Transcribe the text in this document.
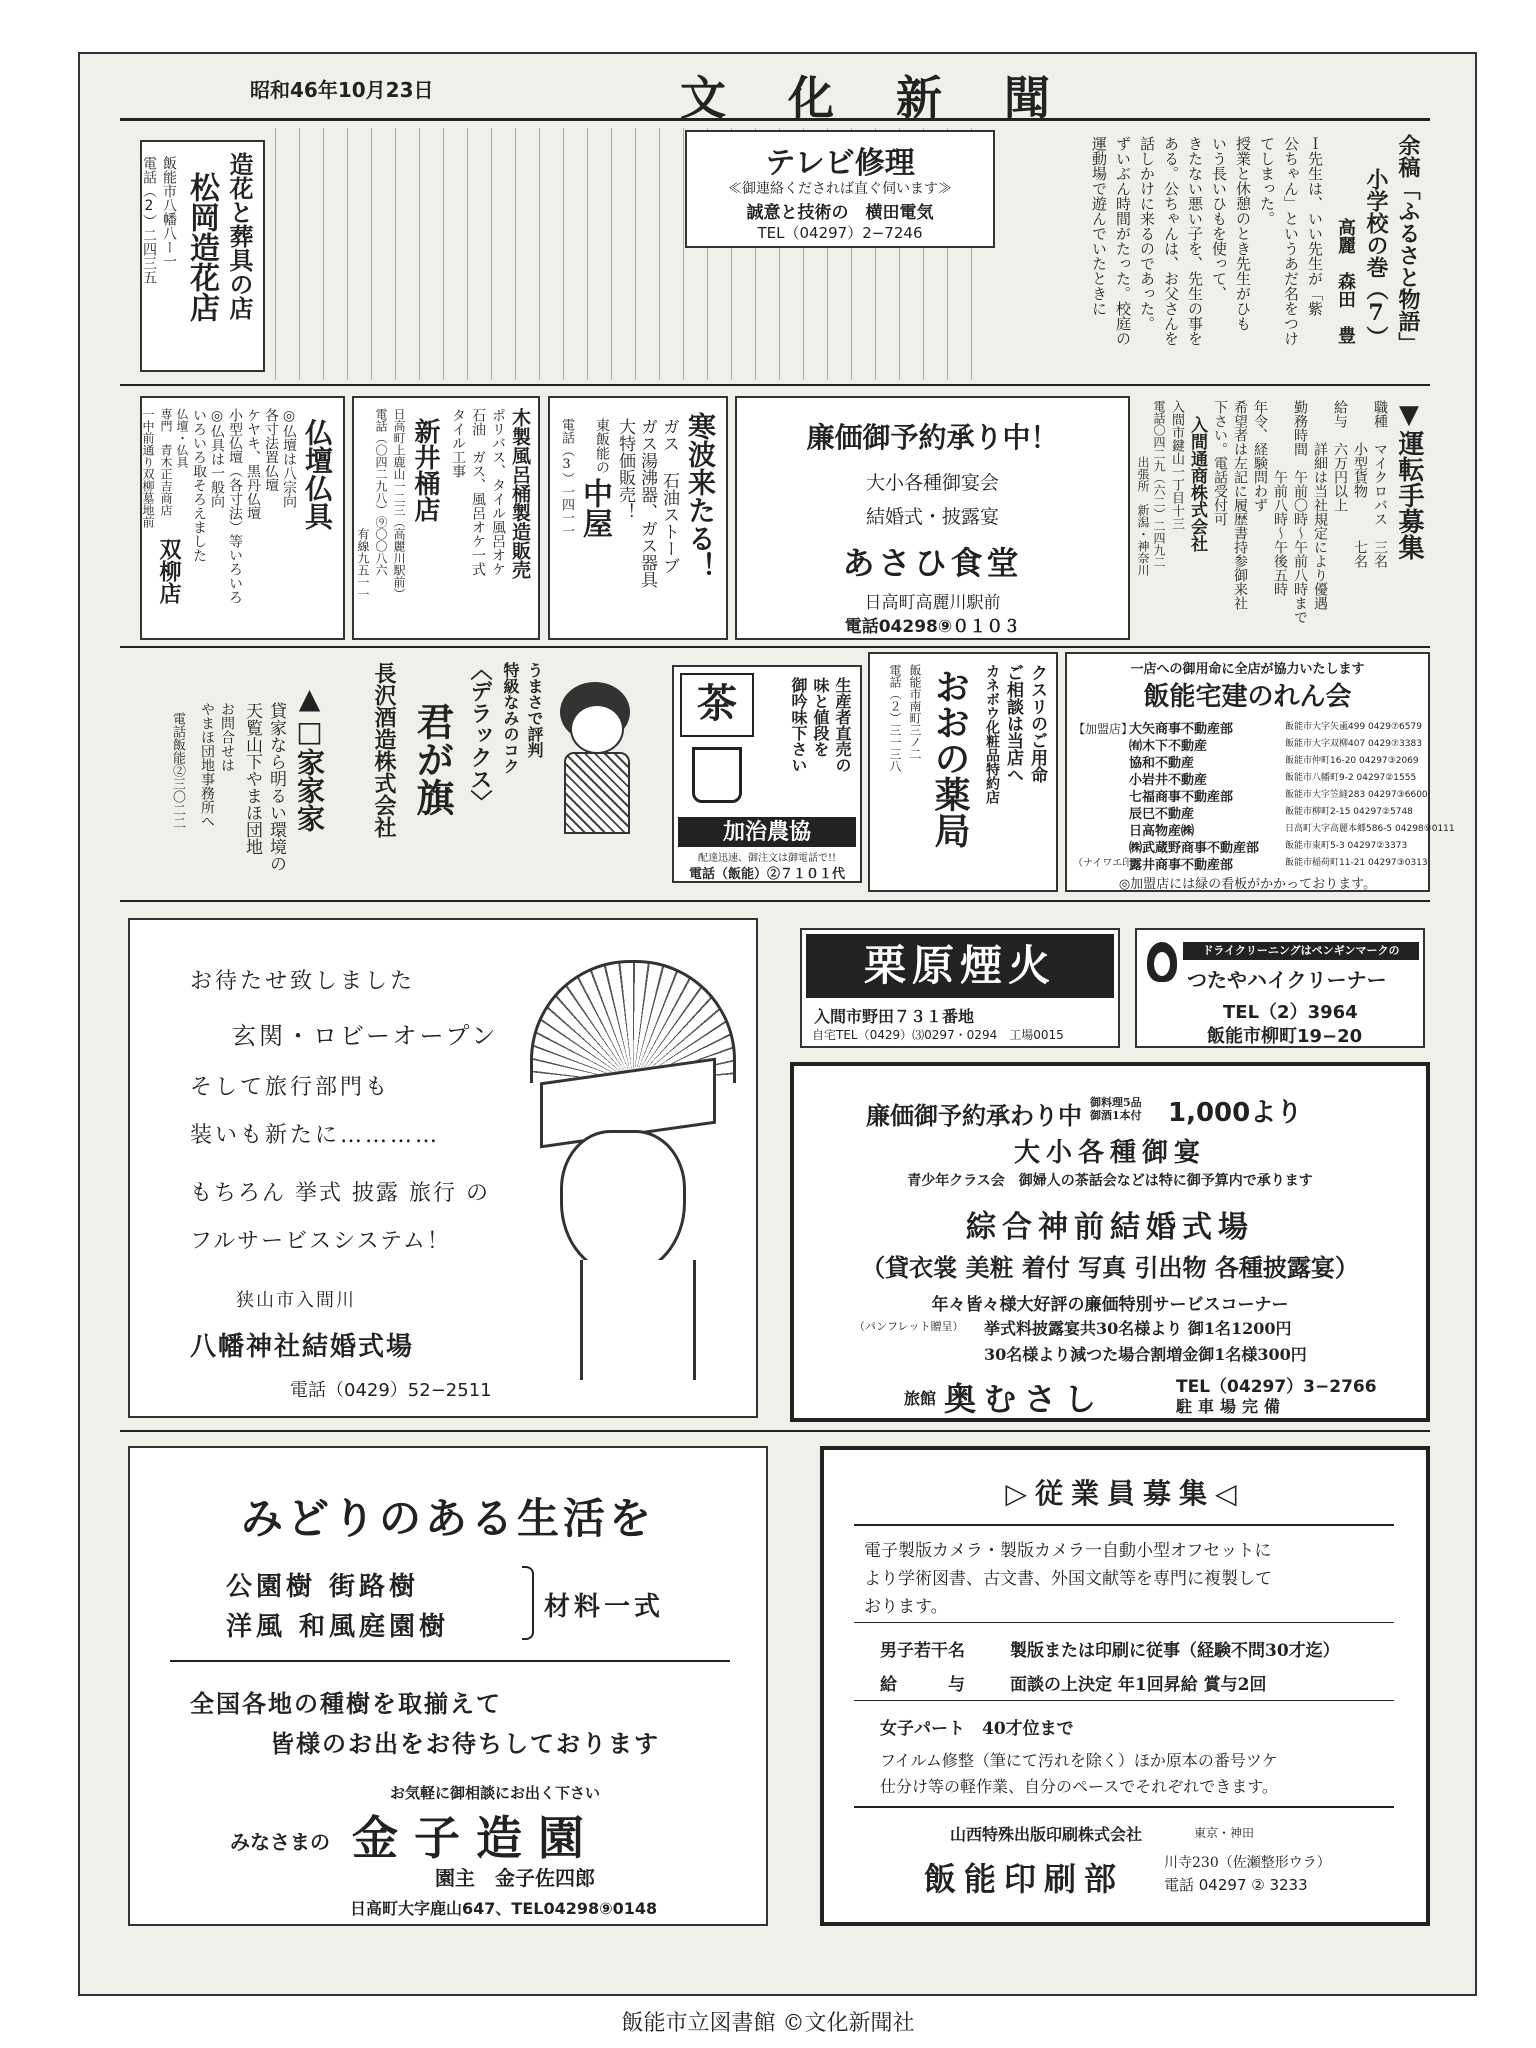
昭和46年10月23日	文化新聞
余稿「ふるさと物語」
小学校の巻（7）
高麗　森田　豊
Ｉ先生は、いい先生が「紫
公ちゃん」というあだ名をつけ
てしまった。
授業と休憩のとき先生がひも
いう長いひもを使って、
きたない悪い子を、先生の事を
ある。公ちゃんは、お父さんを
話しかけに来るのであった。
ずいぶん時間がたった。校庭の
運動場で遊んでいたときに
テレビ修理
≪御連絡くだされば直ぐ伺います≫
誠意と技術の　横田電気
TEL（04297）2−7246
造花と葬具の店
松岡造花店
飯能市八幡八ー一
電話（2）二四三五
▼運転手募集
職種　マイクロバス　三名
　　　小型貨物　　　七名
給与　六万円以上
　　　詳細は当社規定により優遇
勤務時間　午前〇時〜午前八時まで
　　　　　午前八時〜午後五時
年令、経験問わず
希望者は左記に履歴書持参御来社
下さい。電話受付可
入間通商株式会社
入間市鍵山一丁目十三
電話〇四二九（六二）二四九二
出張所　新潟・神奈川
廉価御予約承り中！
大小各種御宴会
結婚式・披露宴
あさひ食堂
日高町高麗川駅前
電話04298⑨０１０３
寒波来たる！
ガス 石油ストーブ
ガス湯沸器、ガス器具
大特価販売！
東飯能の
中屋
電話（3）一四一一
木製風呂桶製造販売
ポリバス、タイル風呂オケ
石油　ガス、風呂オケ一式
タイル工事
新井桶店
日高町上鹿山一二三（高麗川駅前）
電話（〇四二九八）⑨〇〇八六
有線九五一一
仏壇仏具
◎仏壇は八宗向
各寸法置仏壇
ケヤキ、黒丹仏壇
小型仏壇（各寸法）等いろいろ
◎仏具は一般向
いろいろ取そろえました
仏壇・仏具
専門　青木正吉商店
双柳店
一中前通り双柳墓地前
一店への御用命に全店が協力いたします
飯能宅建のれん会
【加盟店】
大矢商事不動産部	飯能市大字矢颪499 0429⑦6579
㈲木下不動産	飯能市大字双柳407 0429⑦3383
協和不動産	飯能市仲町16-20 04297③2069
小岩井不動産	飯能市八幡町9-2 04297②1555
七福商事不動産部	飯能市大字笠縫283 04297③6600
辰巳不動産	飯能市柳町2-15 04297②5748
日高物産㈱	日高町大字高麗本郷586-5 04298⑨0111
㈱武蔵野商事不動産部	飯能市東町5-3 04297②3373
露井商事不動産部	飯能市稲荷町11-21 04297③0313
（ナイワエ印）
◎加盟店には緑の看板がかかっております。
クスリのご用命
ご相談は当店へ
カネボウ化粧品特約店
おおの薬局
飯能市南町三ノ二
電話（２）三一三八
生産者直売の
味と値段を
御吟味下さい
茶
加治農協
配達迅速、御注文は御電話で!!
電話（飯能）②７１０１代
うまさで評判
特級なみのコク
〈デラックス〉
君が旗
長沢酒造株式会社
▲□家家家
貸家なら明るい環境の
天覧山下やまほ団地
お問合せは
やまほ団地事務所へ
電話飯能②三〇二二
お待たせ致しました
玄関・ロビーオープン
そして旅行部門も
装いも新たに…………
もちろん 挙式 披露 旅行 の
フルサービスシステム！
狭山市入間川
八幡神社結婚式場
電話（0429）52−2511
栗原煙火
入間市野田７３１番地
自宅TEL（0429）⑶0297・0294　工場0015
ドライクリーニングはペンギンマークの
つたやハイクリーナー
TEL（2）3964
飯能市柳町19−20
廉価御予約承わり中 御料理5品
御酒1本付	1,000より
大小各種御宴
青少年クラス会　御婦人の茶話会などは特に御予算内で承ります
綜合神前結婚式場
（貸衣裳 美粧 着付 写真 引出物 各種披露宴）
年々皆々様大好評の廉価特別サービスコーナー
（パンフレット贈呈） 挙式料披露宴共30名様より 御1名1200円
30名様より減つた場合割増金御1名様300円
旅館 奥むさし	TEL（04297）3−2766
駐車場完備
みどりのある生活を
公園樹 街路樹
洋風 和風庭園樹
材料一式
全国各地の種樹を取揃えて
皆様のお出をお待ちしております
お気軽に御相談にお出く下さい
みなさまの 金子造園
園主　金子佐四郎
日高町大字鹿山647、TEL04298⑨0148
▷従業員募集◁
電子製版カメラ・製版カメラ一自動小型オフセットに
より学術図書、古文書、外国文献等を専門に複製して
おります。
男子若干名	製版または印刷に従事（経験不問30才迄）
給　　　与	面談の上決定 年1回昇給 賞与2回
女子パート　40才位まで
フイルム修整（筆にて汚れを除く）ほか原本の番号ツケ
仕分け等の軽作業、自分のペースでそれぞれできます。
山西特殊出版印刷株式会社	東京・神田
飯能印刷部	川寺230（佐瀬整形ウラ）
電話 04297 ② 3233
飯能市立図書館 ©文化新聞社
